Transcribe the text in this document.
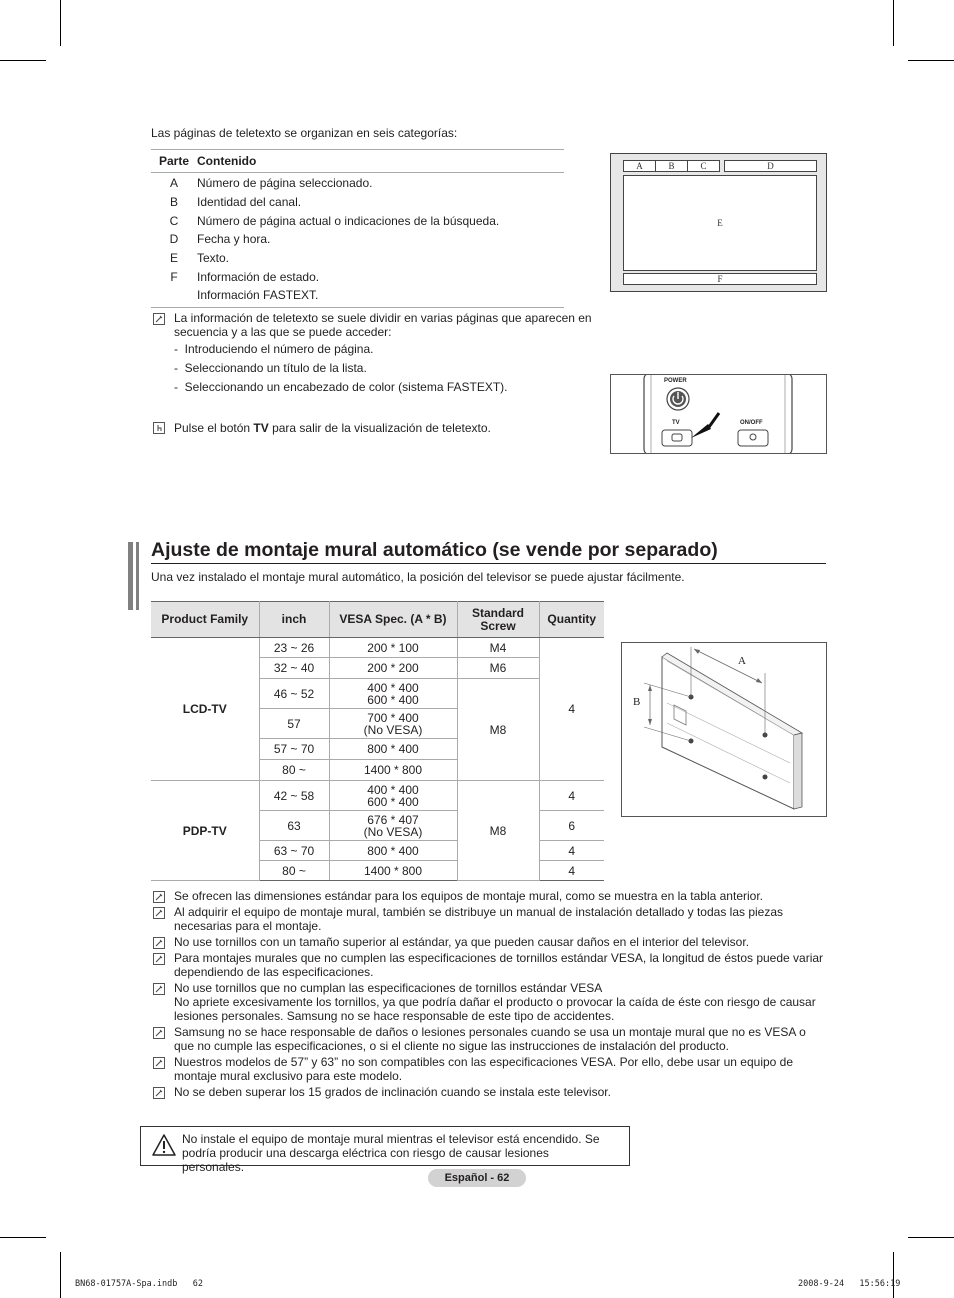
Las páginas de teletexto se organizan en seis categorías:
Parte Contenido
A	Número de página seleccionado.
B	Identidad del canal.
C	Número de página actual o indicaciones de la búsqueda.
D	Fecha y hora.
E	Texto.
F	Información de estado.
Información FASTEXT.
A	B	C	D
E
F
La información de teletexto se suele dividir en varias páginas que aparecen en secuencia y a las que se puede acceder:
- Introduciendo el número de página.
- Seleccionando un título de la lista.
- Seleccionando un encabezado de color (sistema FASTEXT).	POWER
TV	ON/OFF
Pulse el botón TV para salir de la visualización de teletexto.
Ajuste de montaje mural automático (se vende por separado)
Una vez instalado el montaje mural automático, la posición del televisor se puede ajustar fácilmente.
Product Family	inch	VESA Spec. (A * B)	Standard
Screw	Quantity
LCD-TV	23 ~ 26	200 * 100	M4	4
	32 ~ 40	200 * 200	M6	
	46 ~ 52	400 * 400
600 * 400	M8	
	57	700 * 400
(No VESA)		
	57 ~ 70	800 * 400		
	80 ~	1400 * 800		
PDP-TV	42 ~ 58	400 * 400
600 * 400	M8	4
	63	676 * 407
(No VESA)		6
	63 ~ 70	800 * 400		4
	80 ~	1400 * 800		4
A
B
Se ofrecen las dimensiones estándar para los equipos de montaje mural, como se muestra en la tabla anterior.
Al adquirir el equipo de montaje mural, también se distribuye un manual de instalación detallado y todas las piezas necesarias para el montaje.
No use tornillos con un tamaño superior al estándar, ya que pueden causar daños en el interior del televisor.
Para montajes murales que no cumplen las especificaciones de tornillos estándar VESA, la longitud de éstos puede variar dependiendo de las especificaciones.
No use tornillos que no cumplan las especificaciones de tornillos estándar VESA
No apriete excesivamente los tornillos, ya que podría dañar el producto o provocar la caída de éste con riesgo de causar lesiones personales. Samsung no se hace responsable de este tipo de accidentes.
Samsung no se hace responsable de daños o lesiones personales cuando se usa un montaje mural que no es VESA o que no cumple las especificaciones, o si el cliente no sigue las instrucciones de instalación del producto.
Nuestros modelos de 57” y 63” no son compatibles con las especificaciones VESA. Por ello, debe usar un equipo de montaje mural exclusivo para este modelo.
No se deben superar los 15 grados de inclinación cuando se instala este televisor.
No instale el equipo de montaje mural mientras el televisor está encendido. Se podría producir una descarga eléctrica con riesgo de causar lesiones personales.
Español - 62
BN68-01757A-Spa.indb   62	2008-9-24   15:56:19
